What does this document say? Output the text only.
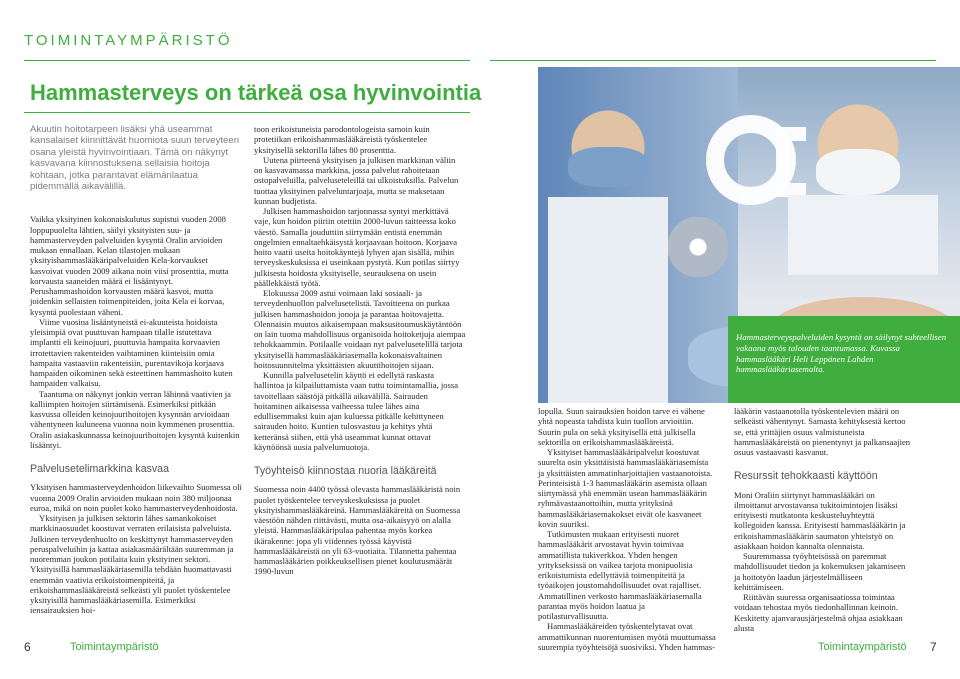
TOIMINTAYMPÄRISTÖ
Hammasterveys on tärkeä osa hyvinvointia
Akuutin hoitotarpeen lisäksi yhä useammat kansalaiset kiinnittävät huomiota suun terveyteen osana yleistä hyvinvointiaan. Tämä on näkynyt kasvavana kiinnostuksena sellaisia hoitoja kohtaan, jotka parantavat elämänlaatua pidemmällä aikavälillä.

Vaikka yksityinen kokonaiskulutus supistui vuoden 2008 loppupuolelta lähtien, säilyi yksityisten suu- ja hammasterveyden palveluiden kysyntä Oralin arvioiden mukaan ennallaan. Kelan tilastojen mukaan yksityishammaslääkäripalveluiden Kela-korvaukset kasvoivat vuoden 2009 aikana noin viisi prosenttia, mutta korvausta saaneiden määrä ei lisääntynyt. Perushammashoidon korvausten määrä kasvoi, mutta joidenkin sellaisten toimenpiteiden, joita Kela ei korvaa, kysyntä puolestaan väheni.

Viime vuosina lisääntyneistä ei-akuuteista hoidoista yleisimpiä ovat puuttuvan hampaan tilalle istutettava implantti eli keinojuuri, puuttuvia hampaita korvaavien irrotettavien rakenteiden vaihtaminen kiinteisiin omia hampaita vastaaviin rakenteisiin, purentavikoja korjaava hampaiden oikominen sekä esteettinen hammashoito kuten hampaiden valkaisu.

Taantuma on näkynyt jonkin verran lähinnä vaativien ja kalliimpien hoitojen siirtämisenä. Esimerkiksi pitkään kasvussa olleiden keinojuurihoitojen kysynnän arvioidaan vähentyneen kuluneena vuonna noin kymmenen prosenttia. Oralin asiakaskunnassa keinojuurihoitojen kysyntä kuitenkin lisääntyi.

Palvelusetelimarkkina kasvaa

Yksityisen hammasterveydenhoidon liikevaihto Suomessa oli vuonna 2009 Oralin arvioiden mukaan noin 380 miljoonaa euroa, mikä on noin puolet koko hammasterveydenhoidosta.

Yksityisen ja julkisen sektorin lähes samankokoiset markkinaosuudet koostuvat verraten erilaisista palveluista. Julkinen terveydenhuolto on keskittynyt hammasterveyden peruspalveluihin ja kattaa asiakasmäärältään suuremman ja nuoremman joukon potilaita kuin yksityinen sektori. Yksityisillä hammaslääkäriasemilla tehdään huomattavasti enemmän vaativia erikoistoimenpiteitä, ja erikoishammaslääkäreistä selkeästi yli puolet työskentelee yksityisillä hammaslääkäriasemilla. Esimerkiksi iensairauksien hoi-

toon erikoistuneista parodontologeista samoin kuin protetiikan erikoishammaslääkäreistä työskentelee yksityisellä sektorilla lähes 80 prosenttia.

Uutena piirteenä yksityisen ja julkisen markkinan väliin on kasvavamassa markkina, jossa palvelut rahoitetaan ostopalveluilla, palveluseteleillä tai ulkoistuksilla. Palvelun tuottaa yksityinen palveluntarjoaja, mutta se maksetaan kunnan budjetista.

Julkisen hammashoidon tarjonnassa syntyi merkittävä vaje, kun hoidon piiriin otettiin 2000-luvun taitteessa koko väestö. Samalla jouduttiin siirtymään entistä enemmän ongelmien ennaltaehkäisystä korjaavaan hoitoon. Korjaava hoito vaatii useita hoitokäyntejä lyhyen ajan sisällä, mihin terveyskeskuksissa ei useinkaan pystytä. Kun potilas siirtyy julkisesta hoidosta yksityiselle, seurauksena on usein päällekkäistä työtä.

Elokuussa 2009 astui voimaan laki sosiaali- ja terveydenhuollon palvelusetelistä. Tavoitteena on purkaa julkisen hammashoidon jonoja ja parantaa hoitovajetta. Olennaisin muutos aikaisempaan maksusitoumuskäytäntöön on lain tuoma mahdollisuus organisoida hoitoketjuja aiempaa tehokkaammin. Potilaalle voidaan nyt palvelusetelillä tarjota yksityisellä hammaslääkäriasemalla kokonaisvaltainen hoitosuunnitelma yksittäisten akuuttihoitojen sijaan.

Kunnilla palvelusetelin käyttö ei edellytä raskasta hallintoa ja kilpailuttamista vaan tuttu toimintamallia, jossa tavoitellaan säästöjä pitkällä aikavälillä. Sairauden hoitaminen aikaisessa vaiheessa tulee lähes aina edullisemmaksi kuin ajan kuluessa pitkälle kehittyneen sairauden hoito. Kuntien tulosvastuu ja kehitys yhtä ketteränsä siihen, että yhä useammat kunnat ottavat käyttöönsä uusia palvelumuotoja.

Työyhteisö kiinnostaa nuoria lääkäreitä

Suomessa noin 4400 työssä olevasta hammaslääkäristä noin puolet työskentelee terveyskeskuksissa ja puolet yksityishammaslääkäreinä. Hammaslääkäreitä on Suomessa väestöön nähden riittävästi, mutta osa-aikaisyyö on alalla yleistä. Hammaslääkäripulaa pahentaa myös korkea ikärakenne: jopa yli viidennes työssä käyvistä hammaslääkäreistä on yli 63-vuotiaita. Tilannetta pahentaa hammaslääkärien poikkeuksellisen pienet koulutusmäärät 1990-luvun

Hammasterveyspalveluiden kysyntä on säilynyt suhteellisen vakaana myös talouden taantumassa. Kuvassa hammaslääkäri Heli Leppänen Lahden hammaslääkäriasemalta.

lopulla. Suun sairauksien hoidon tarve ei vähene yhtä nopeasta tahdista kuin tuollon arvioitiin. Suurin pula on sekä yksityisellä että julkisella sektorilla on erikoishammaslääkäreistä.

Yksityiset hammaslääkäripalvelut koostuvat suurelta osin yksittäisistä hammaslääkäriasemista ja yksittäisten ammatinharjoittajien vastaanotoista. Perinteisistä 1-3 hammaslääkärin asemista ollaan siirtymässä yhä enemmän usean hammaslääkärin ryhmävastaanottoihin, mutta yrityksinä hammaslääkäriasemakokset eivät ole kasvaneet kovin suuriksi.

Tutkimusten mukaan erityisesti nuoret hammaslääkärit arvostavat hyvin toimivaa ammatillista tukiverkkoa. Yhden hengen yritykseksissä on vaikea tarjota monipuolisia erikoistumista edellyttäviä toimenpiteitä ja työaikojen joustomahdollisuudet ovat rajalliset. Ammatillinen verkosto hammaslääkäriasemalla parantaa myös hoidon laatua ja potilasturvallisuutta.

Hammaslääkäreiden työskentelytavat ovat ammattikunnan nuorentumisen myötä muuttumassa suurempia työyhteisöjä suosiviksi. Yhden hammas-

lääkärin vastaanotolla työskentelevien määrä on selkeästi vähentynyt. Samasta kehityksestä kertoo se, että yrittäjien osuus valmistuneista hammaslääkäreistä on pienentynyt ja palkansaajien osuus vastaavasti kasvanut.

Resurssit tehokkaasti käyttöön

Moni Oraliin siirtynyt hammaslääkäri on ilmoittanut arvostavansa tukitoimintojen lisäksi erityisesti mutkatonta keskusteluyhteyttä kollegoiden kanssa. Erityisesti hammaslääkärin ja erikoishammaslääkärin saumaton yhteistyö on asiakkaan hoidon kannalta olennaista.

Suuremmassa työyhteisössä on paremmat mahdollisuudet tiedon ja kokemuksen jakamiseen ja hoitotyön laadun järjestelmälliseen kehittämiseen.

Riittävän suuressa organisaatiossa toimintaa voidaan tehostaa myös tiedonhallinnan keinoin. Keskitetty ajanvarausjärjestelmä ohjaa asiakkaan alusta

6	Toimintaympäristö	Toimintaympäristö 7
